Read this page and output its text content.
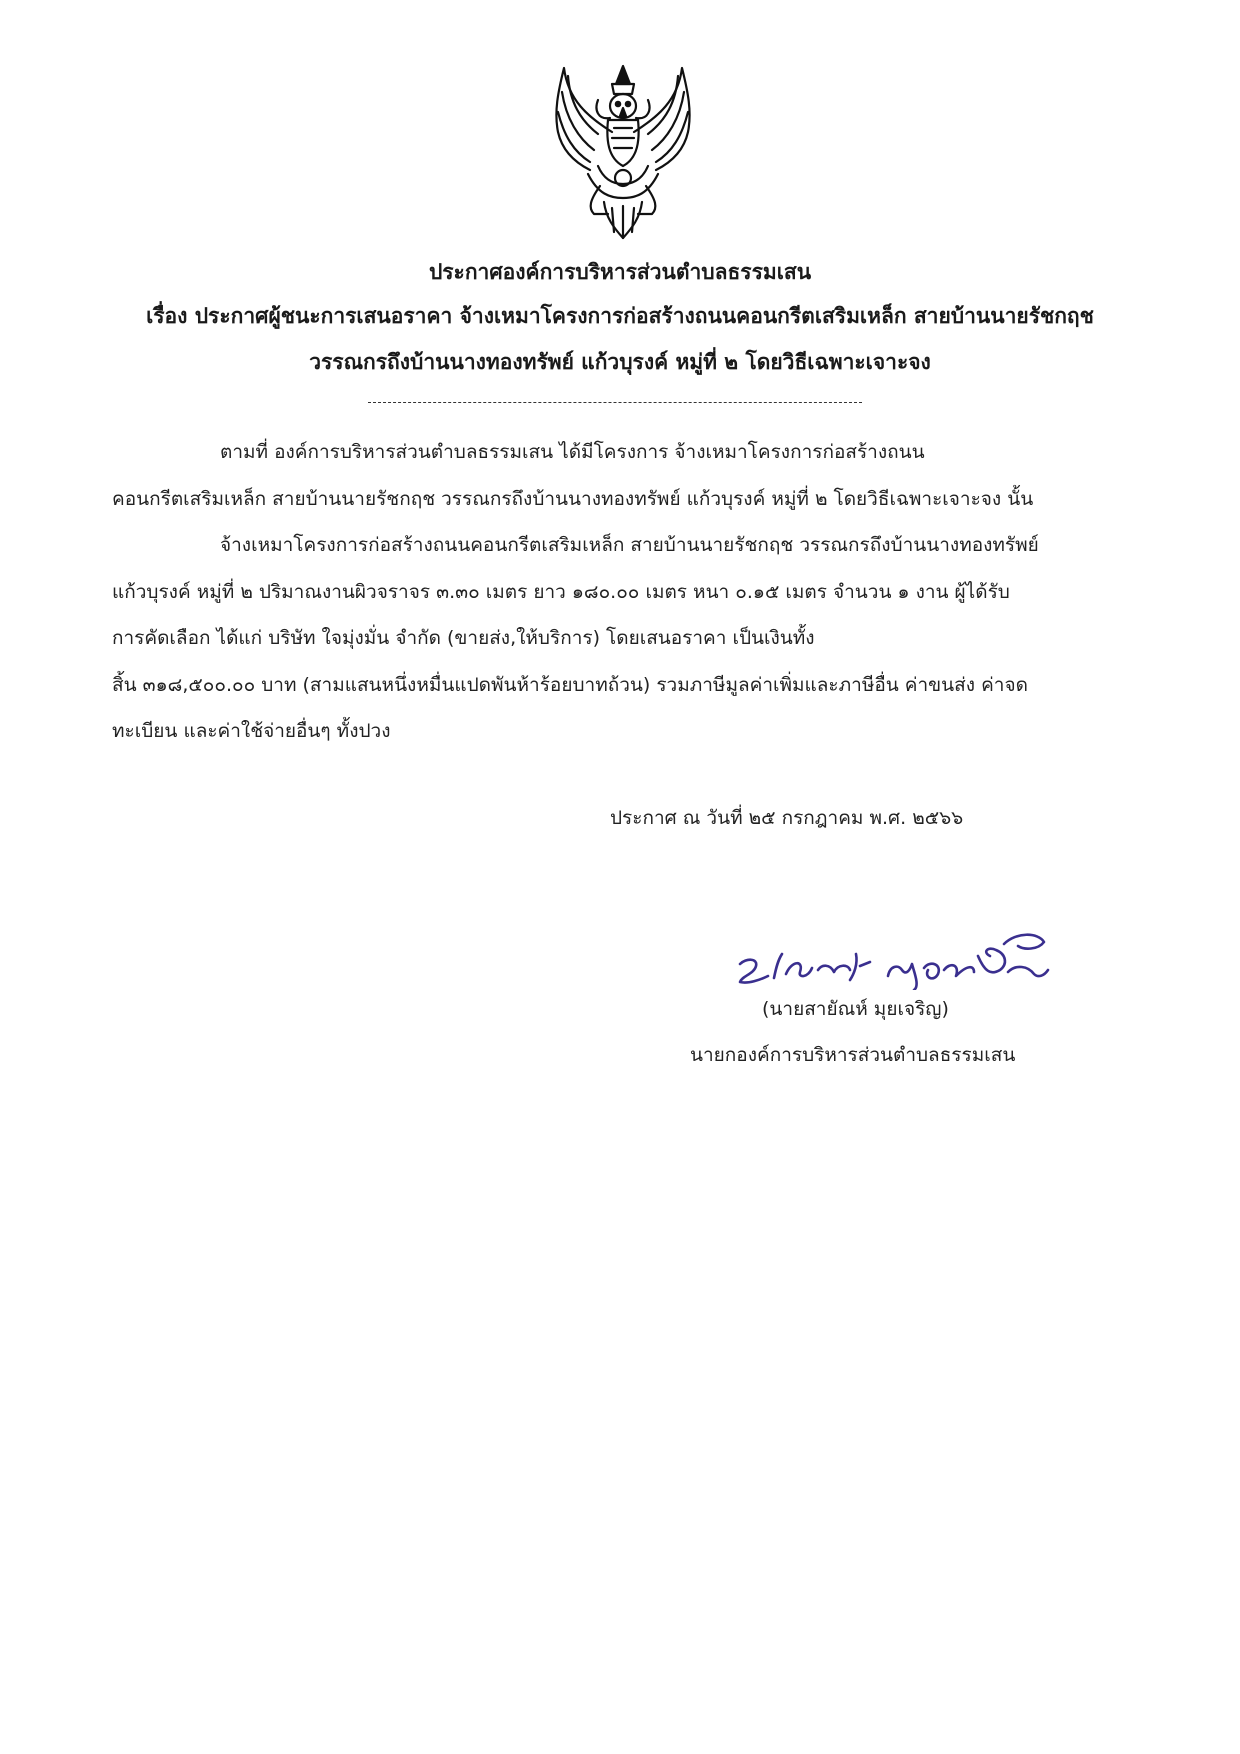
ประกาศองค์การบริหารส่วนตำบลธรรมเสน
เรื่อง ประกาศผู้ชนะการเสนอราคา จ้างเหมาโครงการก่อสร้างถนนคอนกรีตเสริมเหล็ก สายบ้านนายรัชกฤช
วรรณกรถึงบ้านนางทองทรัพย์ แก้วบุรงค์ หมู่ที่ ๒ โดยวิธีเฉพาะเจาะจง
ตามที่ องค์การบริหารส่วนตำบลธรรมเสน ได้มีโครงการ จ้างเหมาโครงการก่อสร้างถนน
คอนกรีตเสริมเหล็ก สายบ้านนายรัชกฤช วรรณกรถึงบ้านนางทองทรัพย์ แก้วบุรงค์ หมู่ที่ ๒ โดยวิธีเฉพาะเจาะจง นั้น
จ้างเหมาโครงการก่อสร้างถนนคอนกรีตเสริมเหล็ก สายบ้านนายรัชกฤช วรรณกรถึงบ้านนางทองทรัพย์
แก้วบุรงค์ หมู่ที่ ๒ ปริมาณงานผิวจราจร ๓.๓๐ เมตร ยาว ๑๘๐.๐๐ เมตร หนา ๐.๑๕ เมตร จำนวน ๑ งาน ผู้ได้รับ
การคัดเลือก ได้แก่ บริษัท ใจมุ่งมั่น จำกัด (ขายส่ง,ให้บริการ) โดยเสนอราคา เป็นเงินทั้ง
สิ้น ๓๑๘,๕๐๐.๐๐ บาท (สามแสนหนึ่งหมื่นแปดพันห้าร้อยบาทถ้วน) รวมภาษีมูลค่าเพิ่มและภาษีอื่น ค่าขนส่ง ค่าจด
ทะเบียน และค่าใช้จ่ายอื่นๆ ทั้งปวง
ประกาศ ณ วันที่ ๒๕ กรกฎาคม พ.ศ. ๒๕๖๖
(นายสายัณห์ มุยเจริญ)
นายกองค์การบริหารส่วนตำบลธรรมเสน
